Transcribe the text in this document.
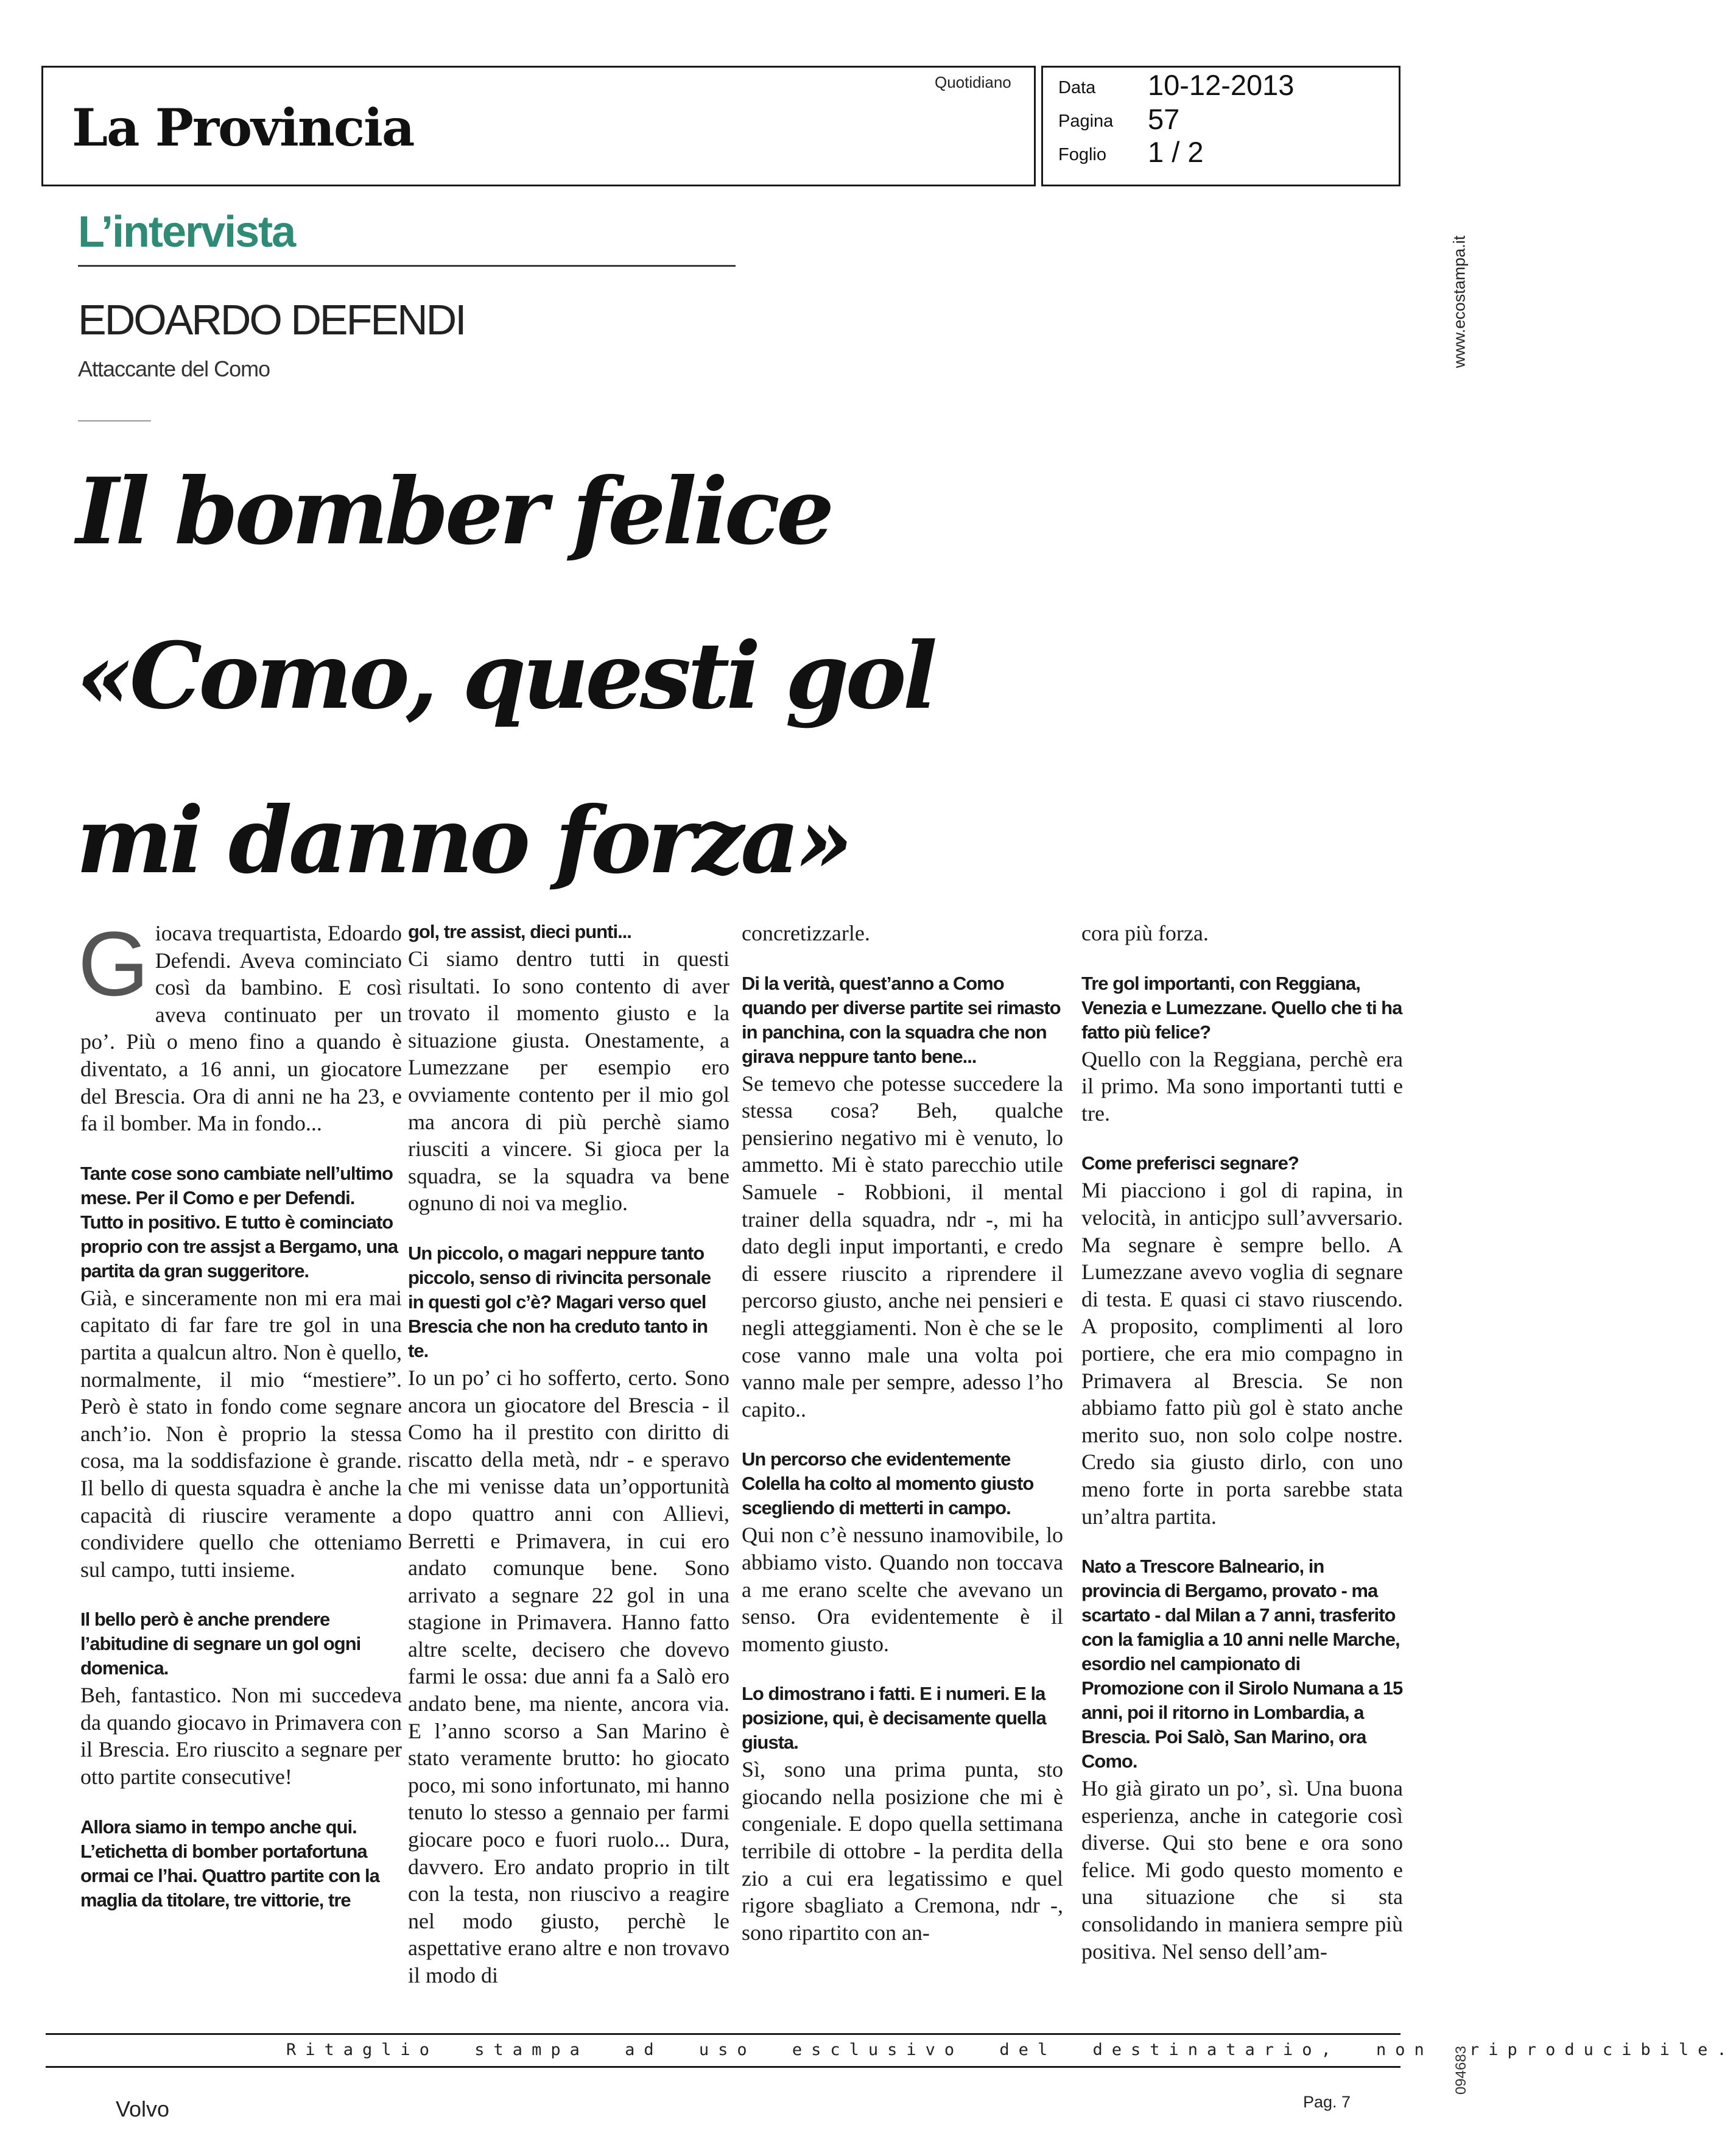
La Provincia
Quotidiano	Data 10-12-2013
Pagina 57
Foglio 1 / 2
L’intervista
EDOARDO DEFENDI
Attaccante del Como
Il bomber felice
«Como, questi gol
mi danno forza»

Giocava trequartista, Edoardo Defendi. Aveva cominciato così da bambino. E così aveva continuato per un po’. Più o meno fino a quando è diventato, a 16 anni, un giocatore del Brescia. Ora di anni ne ha 23, e fa il bomber. Ma in fondo...

Tante cose sono cambiate nell’ultimo mese. Per il Como e per Defendi. Tutto in positivo. E tutto è cominciato proprio con tre assjst a Bergamo, una partita da gran suggeritore.

Già, e sinceramente non mi era mai capitato di far fare tre gol in una partita a qualcun altro. Non è quello, normalmente, il mio “mestiere”. Però è stato in fondo come segnare anch’io. Non è proprio la stessa cosa, ma la soddisfazione è grande. Il bello di questa squadra è anche la capacità di riuscire veramente a condividere quello che otteniamo sul campo, tutti insieme.

Il bello però è anche prendere l’abitudine di segnare un gol ogni domenica.

Beh, fantastico. Non mi succedeva da quando giocavo in Primavera con il Brescia. Ero riuscito a segnare per otto partite consecutive!

Allora siamo in tempo anche qui. L’etichetta di bomber portafortuna ormai ce l’hai. Quattro partite con la maglia da titolare, tre vittorie, tre

gol, tre assist, dieci punti...

Ci siamo dentro tutti in questi risultati. Io sono contento di aver trovato il momento giusto e la situazione giusta. Onestamente, a Lumezzane per esempio ero ovviamente contento per il mio gol ma ancora di più perchè siamo riusciti a vincere. Si gioca per la squadra, se la squadra va bene ognuno di noi va meglio.

Un piccolo, o magari neppure tanto piccolo, senso di rivincita personale in questi gol c’è? Magari verso quel Brescia che non ha creduto tanto in te.

Io un po’ ci ho sofferto, certo. Sono ancora un giocatore del Brescia - il Como ha il prestito con diritto di riscatto della metà, ndr - e speravo che mi venisse data un’opportunità dopo quattro anni con Allievi, Berretti e Primavera, in cui ero andato comunque bene. Sono arrivato a segnare 22 gol in una stagione in Primavera. Hanno fatto altre scelte, decisero che dovevo farmi le ossa: due anni fa a Salò ero andato bene, ma niente, ancora via. E l’anno scorso a San Marino è stato veramente brutto: ho giocato poco, mi sono infortunato, mi hanno tenuto lo stesso a gennaio per farmi giocare poco e fuori ruolo... Dura, davvero. Ero andato proprio in tilt con la testa, non riuscivo a reagire nel modo giusto, perchè le aspettative erano altre e non trovavo il modo di

concretizzarle.

Di la verità, quest’anno a Como quando per diverse partite sei rimasto in panchina, con la squadra che non girava neppure tanto bene...

Se temevo che potesse succedere la stessa cosa? Beh, qualche pensierino negativo mi è venuto, lo ammetto. Mi è stato parecchio utile Samuele - Robbioni, il mental trainer della squadra, ndr -, mi ha dato degli input importanti, e credo di essere riuscito a riprendere il percorso giusto, anche nei pensieri e negli atteggiamenti. Non è che se le cose vanno male una volta poi vanno male per sempre, adesso l’ho capito..

Un percorso che evidentemente Colella ha colto al momento giusto scegliendo di metterti in campo.

Qui non c’è nessuno inamovibile, lo abbiamo visto. Quando non toccava a me erano scelte che avevano un senso. Ora evidentemente è il momento giusto.

Lo dimostrano i fatti. E i numeri. E la posizione, qui, è decisamente quella giusta.

Sì, sono una prima punta, sto giocando nella posizione che mi è congeniale. E dopo quella settimana terribile di ottobre - la perdita della zio a cui era legatissimo e quel rigore sbagliato a Cremona, ndr -, sono ripartito con an-

cora più forza.

Tre gol importanti, con Reggiana, Venezia e Lumezzane. Quello che ti ha fatto più felice?

Quello con la Reggiana, perchè era il primo. Ma sono importanti tutti e tre.

Come preferisci segnare?

Mi piacciono i gol di rapina, in velocità, in anticjpo sull’avversario. Ma segnare è sempre bello. A Lumezzane avevo voglia di segnare di testa. E quasi ci stavo riuscendo. A proposito, complimenti al loro portiere, che era mio compagno in Primavera al Brescia. Se non abbiamo fatto più gol è stato anche merito suo, non solo colpe nostre. Credo sia giusto dirlo, con uno meno forte in porta sarebbe stata un’altra partita.

Nato a Trescore Balneario, in provincia di Bergamo, provato - ma scartato - dal Milan a 7 anni, trasferito con la famiglia a 10 anni nelle Marche, esordio nel campionato di Promozione con il Sirolo Numana a 15 anni, poi il ritorno in Lombardia, a Brescia. Poi Salò, San Marino, ora Como.

Ho già girato un po’, sì. Una buona esperienza, anche in categorie così diverse. Qui sto bene e ora sono felice. Mi godo questo momento e una situazione che si sta consolidando in maniera sempre più positiva. Nel senso dell’am-

www.ecostampa.it
094683
Ritaglio stampa ad uso esclusivo del destinatario, non riproducibile.
Volvo	Pag. 7
